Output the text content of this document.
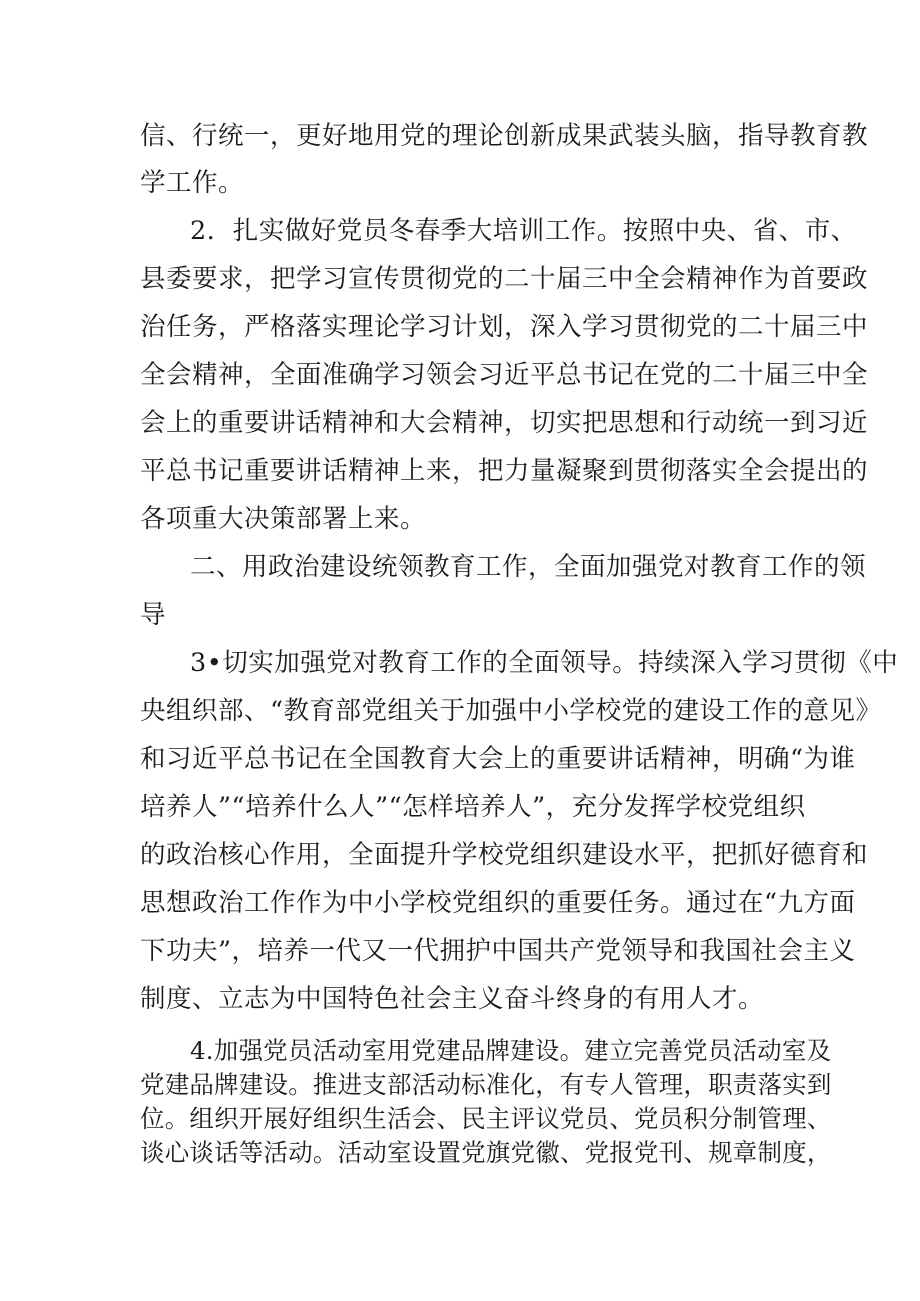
信、行统一，更好地用党的理论创新成果武装头脑，指导教育教
学工作。
2．扎实做好党员冬春季大培训工作。按照中央、省、市、
县委要求，把学习宣传贯彻党的二十届三中全会精神作为首要政
治任务，严格落实理论学习计划，深入学习贯彻党的二十届三中
全会精神，全面准确学习领会习近平总书记在党的二十届三中全
会上的重要讲话精神和大会精神，切实把思想和行动统一到习近
平总书记重要讲话精神上来，把力量凝聚到贯彻落实全会提出的
各项重大决策部署上来。
二、用政治建设统领教育工作，全面加强党对教育工作的领
导
3•切实加强党对教育工作的全面领导。持续深入学习贯彻《中
央组织部、“教育部党组关于加强中小学校党的建设工作的意见》
和习近平总书记在全国教育大会上的重要讲话精神，明确“为谁
培养人”“培养什么人”“怎样培养人”，充分发挥学校党组织
的政治核心作用，全面提升学校党组织建设水平，把抓好德育和
思想政治工作作为中小学校党组织的重要任务。通过在“九方面
下功夫”，培养一代又一代拥护中国共产党领导和我国社会主义
制度、立志为中国特色社会主义奋斗终身的有用人才。
4.加强党员活动室用党建品牌建设。建立完善党员活动室及
党建品牌建设。推进支部活动标准化，有专人管理，职责落实到
位。组织开展好组织生活会、民主评议党员、党员积分制管理、
谈心谈话等活动。活动室设置党旗党徽、党报党刊、规章制度，
